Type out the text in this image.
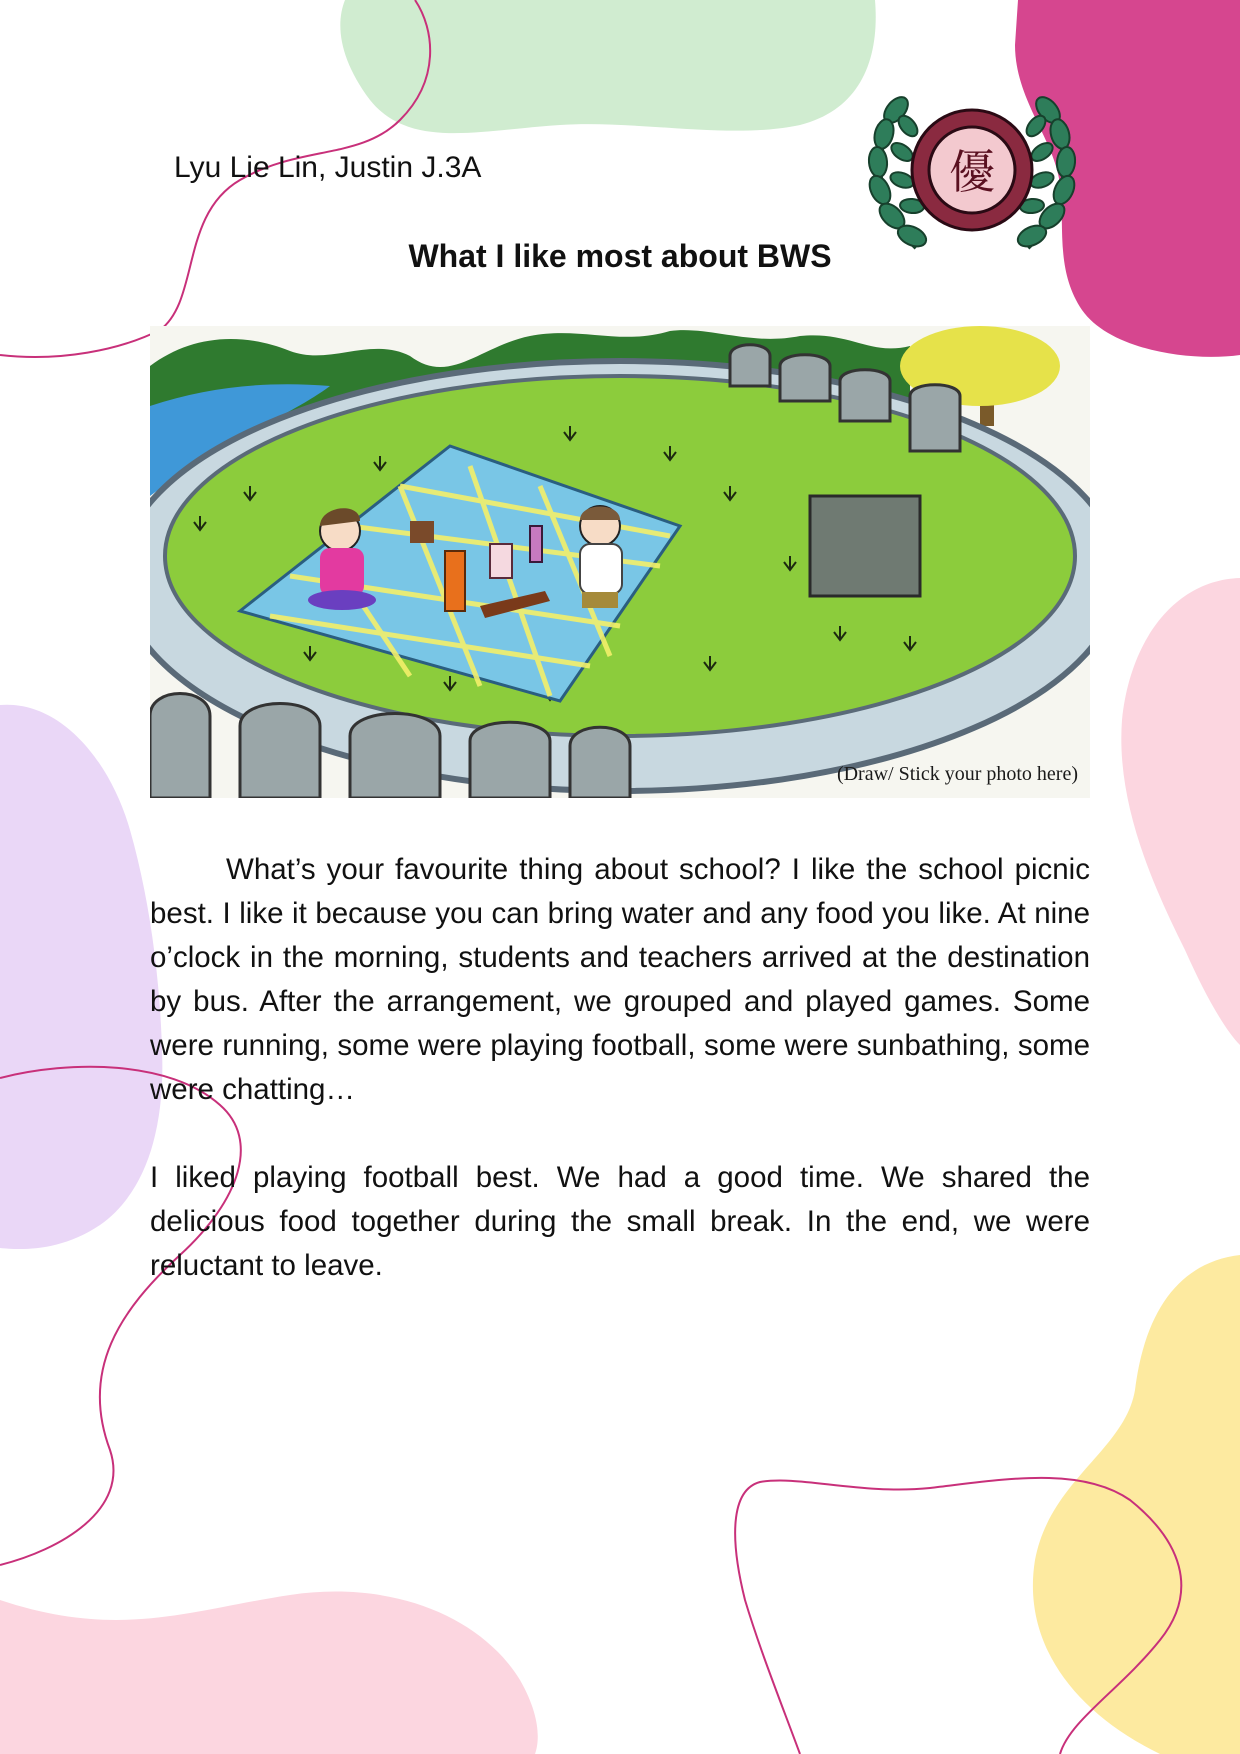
Lyu Lie Lin, Justin J.3A	優
What I like most about BWS
(Draw/ Stick your photo here)

What’s your favourite thing about school? I like the school picnic best. I like it because you can bring water and any food you like. At nine o’clock in the morning, students and teachers arrived at the destination by bus. After the arrangement, we grouped and played games. Some were running, some were playing football, some were sunbathing, some were chatting…

I liked playing football best. We had a good time. We shared the delicious food together during the small break. In the end, we were reluctant to leave.
